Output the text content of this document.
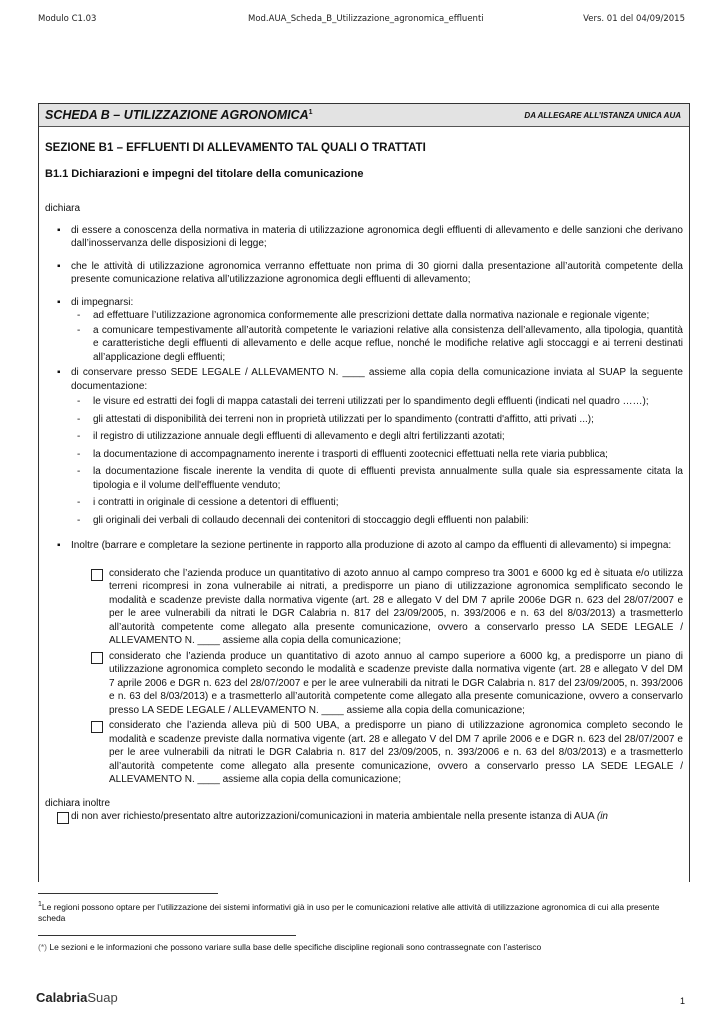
Modulo C1.03	Mod.AUA_Scheda_B_Utilizzazione_agronomica_effluenti	Vers. 01 del 04/09/2015
SCHEDA B – UTILIZZAZIONE AGRONOMICA$^1$	DA ALLEGARE ALL’ISTANZA UNICA AUA
SEZIONE B1 – EFFLUENTI DI ALLEVAMENTO TAL QUALI O TRATTATI
B1.1 Dichiarazioni e impegni del titolare della comunicazione
dichiara
▪ di essere a conoscenza della normativa in materia di utilizzazione agronomica degli effluenti di allevamento e delle sanzioni che derivano dall’inosservanza delle disposizioni di legge;
▪ che le attività di utilizzazione agronomica verranno effettuate non prima di 30 giorni dalla presentazione all’autorità competente della presente comunicazione relativa all’utilizzazione agronomica degli effluenti di allevamento;
▪ di impegnarsi:
- ad effettuare l’utilizzazione agronomica conformemente alle prescrizioni dettate dalla normativa nazionale e regionale vigente;
- a comunicare tempestivamente all’autorità competente le variazioni relative alla consistenza dell’allevamento, alla tipologia, quantità e caratteristiche degli effluenti di allevamento e delle acque reflue, nonché le modifiche relative agli stoccaggi e ai terreni destinati all’applicazione degli effluenti;
▪ di conservare presso SEDE LEGALE / ALLEVAMENTO N. ____ assieme alla copia della comunicazione inviata al SUAP la seguente documentazione:
- le visure ed estratti dei fogli di mappa catastali dei terreni utilizzati per lo spandimento degli effluenti (indicati nel quadro ……);
- gli attestati di disponibilità dei terreni non in proprietà utilizzati per lo spandimento (contratti d'affitto, atti privati ...);
- il registro di utilizzazione annuale degli effluenti di allevamento e degli altri fertilizzanti azotati;
- la documentazione di accompagnamento inerente i trasporti di effluenti zootecnici effettuati nella rete viaria pubblica;
- la documentazione fiscale inerente la vendita di quote di effluenti prevista annualmente sulla quale sia espressamente citata la tipologia e il volume dell'effluente venduto;
- i contratti in originale di cessione a detentori di effluenti;
- gli originali dei verbali di collaudo decennali dei contenitori di stoccaggio degli effluenti non palabili:
▪ Inoltre (barrare e completare la sezione pertinente in rapporto alla produzione di azoto al campo da effluenti di allevamento) si impegna:
considerato che l’azienda produce un quantitativo di azoto annuo al campo compreso tra 3001 e 6000 kg ed è situata e/o utilizza terreni ricompresi in zona vulnerabile ai nitrati, a predisporre un piano di utilizzazione agronomica semplificato secondo le modalità e scadenze previste dalla normativa vigente (art. 28 e allegato V del DM 7 aprile 2006e DGR n. 623 del 28/07/2007 e per le aree vulnerabili da nitrati le DGR Calabria n. 817 del 23/09/2005, n. 393/2006 e n. 63 del 8/03/2013) a trasmetterlo all’autorità competente come allegato alla presente comunicazione, ovvero a conservarlo presso LA SEDE LEGALE / ALLEVAMENTO N. ____ assieme alla copia della comunicazione;
considerato che l’azienda produce un quantitativo di azoto annuo al campo superiore a 6000 kg, a predisporre un piano di utilizzazione agronomica completo secondo le modalità e scadenze previste dalla normativa vigente (art. 28 e allegato V del DM 7 aprile 2006 e DGR n. 623 del 28/07/2007 e per le aree vulnerabili da nitrati le DGR Calabria n. 817 del 23/09/2005, n. 393/2006 e n. 63 del 8/03/2013) e a trasmetterlo all’autorità competente come allegato alla presente comunicazione, ovvero a conservarlo presso LA SEDE LEGALE / ALLEVAMENTO N. ____ assieme alla copia della comunicazione;
considerato che l’azienda alleva più di 500 UBA, a predisporre un piano di utilizzazione agronomica completo secondo le modalità e scadenze previste dalla normativa vigente (art. 28 e allegato V del DM 7 aprile 2006 e e DGR n. 623 del 28/07/2007 e per le aree vulnerabili da nitrati le DGR Calabria n. 817 del 23/09/2005, n. 393/2006 e n. 63 del 8/03/2013) e a trasmetterlo all’autorità competente come allegato alla presente comunicazione, ovvero a conservarlo presso LA SEDE LEGALE / ALLEVAMENTO N. ____ assieme alla copia della comunicazione;
dichiara inoltre
di non aver richiesto/presentato altre autorizzazioni/comunicazioni in materia ambientale nella presente istanza di AUA (in
$^1$Le regioni possono optare per l’utilizzazione dei sistemi informativi già in uso per le comunicazioni relative alle attività di utilizzazione agronomica di cui alla presente scheda
(*) Le sezioni e le informazioni che possono variare sulla base delle specifiche discipline regionali sono contrassegnate con l’asterisco
CalabriaSuap	1
